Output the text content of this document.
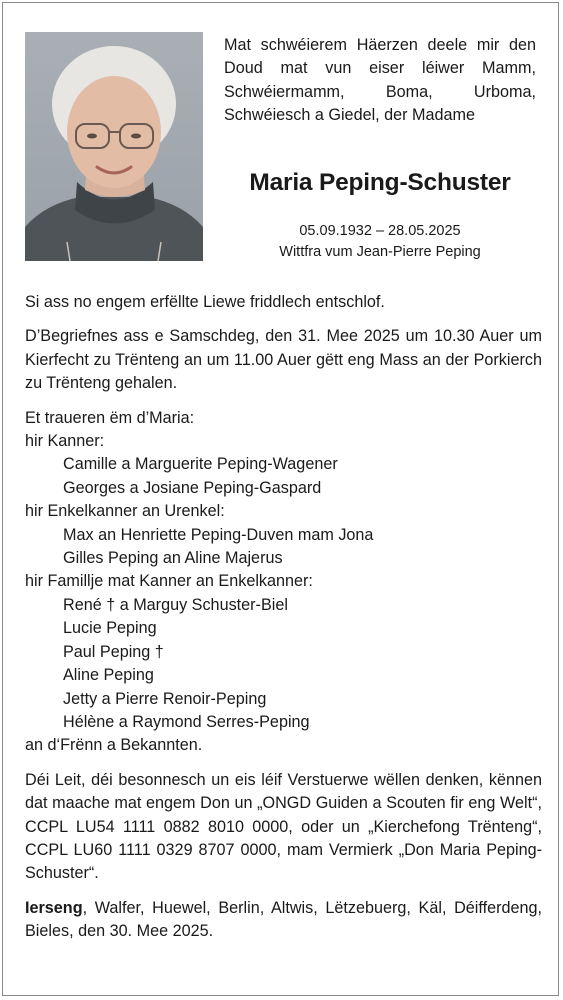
Mat schwéierem Häerzen deele mir den Doud mat vun eiser léiwer Mamm, Schwéiermamm, Boma, Urboma, Schwéiesch a Giedel, der Madame
Maria Peping-Schuster
05.09.1932 – 28.05.2025
Wittfra vum Jean-Pierre Peping

Si ass no engem erfëllte Liewe friddlech entschlof.

D’Begriefnes ass e Samschdeg, den 31. Mee 2025 um 10.30 Auer um Kierfecht zu Trënteng an um 11.00 Auer gëtt eng Mass an der Porkierch zu Trënteng gehalen.

Et traueren ëm d’Maria:

hir Kanner:

Camille a Marguerite Peping-Wagener

Georges a Josiane Peping-Gaspard

hir Enkelkanner an Urenkel:

Max an Henriette Peping-Duven mam Jona

Gilles Peping an Aline Majerus

hir Famillje mat Kanner an Enkelkanner:

René † a Marguy Schuster-Biel

Lucie Peping

Paul Peping †

Aline Peping

Jetty a Pierre Renoir-Peping

Hélène a Raymond Serres-Peping

an d‘Frënn a Bekannten.

Déi Leit, déi besonnesch un eis léif Verstuerwe wëllen denken, kënnen dat maache mat engem Don un „ONGD Guiden a Scouten fir eng Welt“, CCPL LU54 1111 0882 8010 0000, oder un „Kierchefong Trënteng“, CCPL LU60 1111 0329 8707 0000, mam Vermierk „Don Maria Peping-Schuster“.

Ierseng, Walfer, Huewel, Berlin, Altwis, Lëtzebuerg, Käl, Déifferdeng, Bieles, den 30. Mee 2025.
